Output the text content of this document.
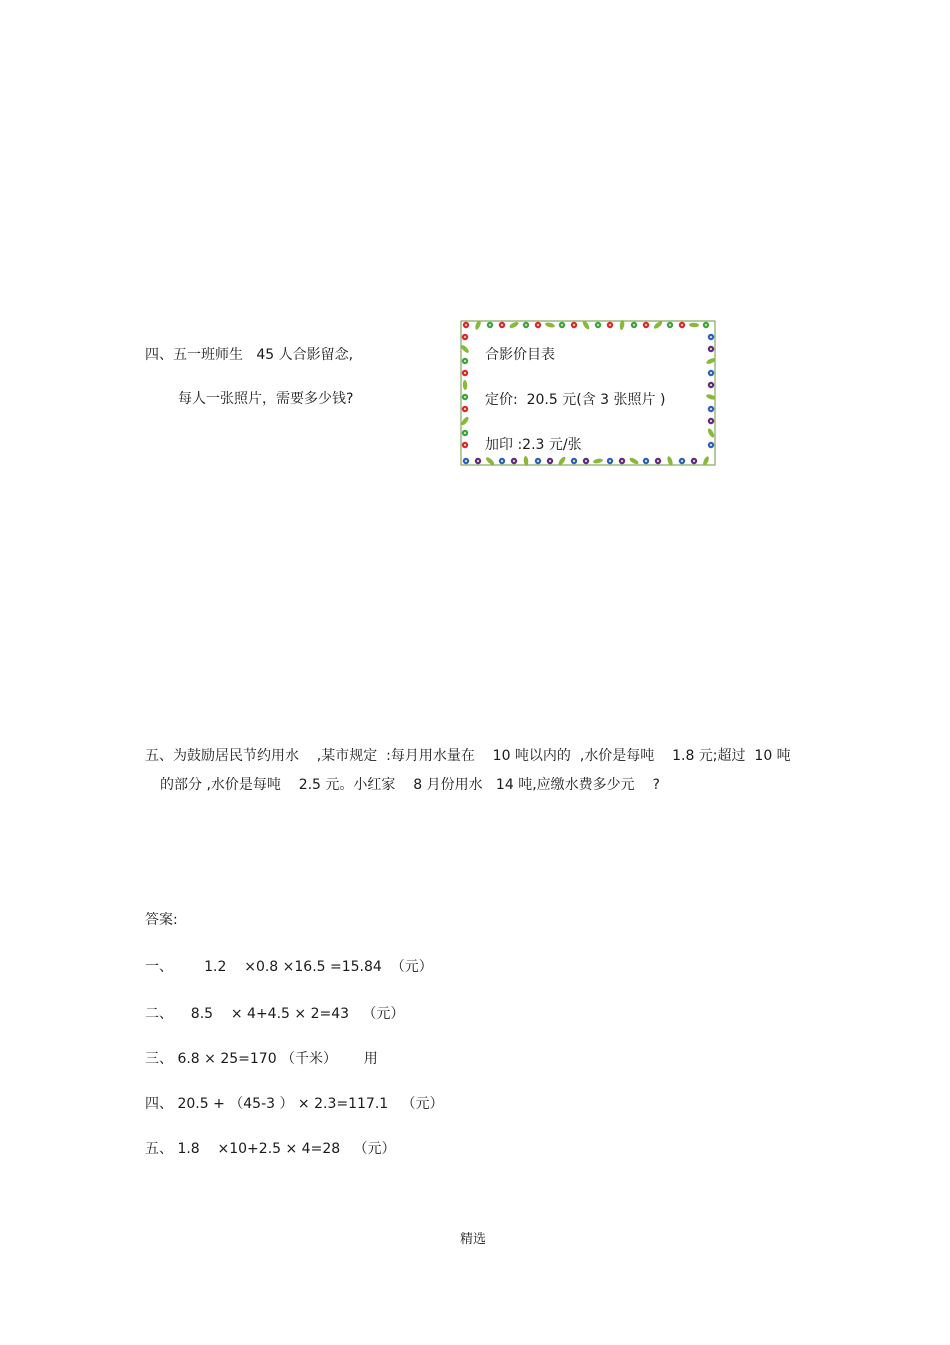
四、五一班师生   45 人合影留念,
每人一张照片，需要多少钱?
合影价目表
定价:  20.5 元(含 3 张照片 )
加印 :2.3 元/张
五、为鼓励居民节约用水    ,某市规定  :每月用水量在    10 吨以内的  ,水价是每吨    1.8 元;超过  10 吨
的部分 ,水价是每吨    2.5 元。小红家    8 月份用水   14 吨,应缴水费多少元    ?
答案:
一、       1.2    ×0.8 ×16.5 =15.84  （元）
二、    8.5    × 4+4.5 × 2=43   （元）
三、 6.8 × 25=170 （千米）      用
四、 20.5 + （45-3 ） × 2.3=117.1   （元）
五、 1.8    ×10+2.5 × 4=28   （元）
精选
